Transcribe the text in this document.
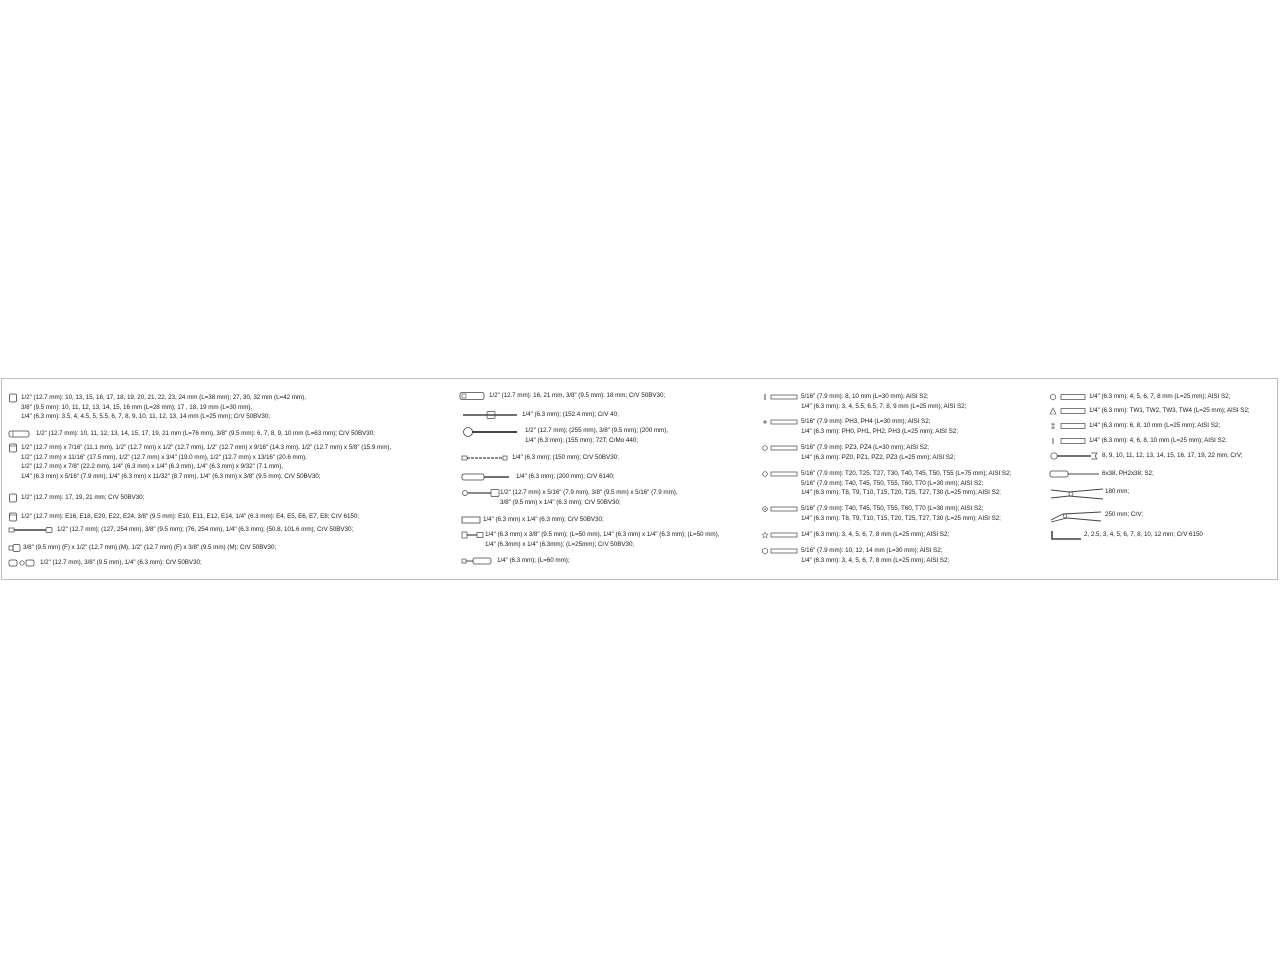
1/2" (12.7 mm): 10, 13, 15, 16, 17, 18, 19, 20, 21, 22, 23, 24 mm (L=38 mm); 27, 30, 32 mm (L=42 mm),
3/8" (9.5 mm): 10, 11, 12, 13, 14, 15, 16 mm (L=28 mm); 17 , 18, 19 mm (L=30 mm),
1/4" (6.3 mm): 3.5, 4, 4.5, 5, 5.5, 6, 7, 8, 9, 10, 11, 12, 13, 14 mm (L=25 mm); CrV 50BV30;
1/2" (12.7 mm): 10, 11, 12, 13, 14, 15, 17, 19, 21 mm (L=76 mm), 3/8" (9.5 mm): 6, 7, 8, 9, 10 mm (L=63 mm); CrV 50BV30;
1/2" (12.7 mm) x 7/16" (11.1 mm), 1/2" (12.7 mm) x 1/2" (12.7 mm), 1/2" (12.7 mm) x 9/16" (14.3 mm), 1/2" (12.7 mm) x 5/8" (15.9 mm),
1/2" (12.7 mm) x 11/16" (17.5 mm), 1/2" (12.7 mm) x 3/4" (19.0 mm), 1/2" (12.7 mm) x 13/16" (20.6 mm),
1/2" (12.7 mm) x 7/8" (22.2 mm), 1/4" (6.3 mm) x 1/4" (6.3 mm), 1/4" (6.3 mm) x 9/32" (7.1 mm),
1/4" (6.3 mm) x 5/16" (7.9 mm), 1/4" (6.3 mm) x 11/32" (8.7 mm), 1/4" (6.3 mm) x 3/8" (9.5 mm); CrV 50BV30;
1/2" (12.7 mm): 17, 19, 21 mm; CrV 50BV30;
1/2" (12.7 mm): E16, E18, E20, E22, E24, 3/8" (9.5 mm): E10, E11, E12, E14, 1/4" (6.3 mm): E4, E5, E6, E7, E8; CrV 6150;
1/2" (12.7 mm); (127, 254 mm), 3/8" (9.5 mm); (76, 254 mm), 1/4" (6.3 mm); (50.8, 101.6 mm); CrV 50BV30;
3/8" (9.5 mm) (F) x 1/2" (12.7 mm) (M), 1/2" (12.7 mm) (F) x 3/8" (9.5 mm) (M); CrV 50BV30;
1/2" (12.7 mm), 3/8" (9.5 mm), 1/4" (6.3 mm); CrV 50BV30;
1/2" (12.7 mm): 16, 21 mm, 3/8" (9.5 mm): 18 mm; CrV 50BV30;
1/4" (6.3 mm); (152.4 mm); CrV 40;
1/2" (12.7 mm); (255 mm), 3/8" (9.5 mm); (200 mm),
1/4" (6.3 mm); (155 mm); 72T; CrMo 440;
1/4" (6.3 mm); (150 mm); CrV 50BV30;
1/4" (6.3 mm); (200 mm); CrV 6140;
1/2" (12.7 mm) x 5/16" (7.9 mm), 3/8" (9.5 mm) x 5/16" (7.9 mm),
3/8" (9.5 mm) x 1/4" (6.3 mm); CrV 50BV30;
1/4" (6.3 mm) x 1/4" (6.3 mm); CrV 50BV30;
1/4" (6.3 mm) x 3/8" (9.5 mm); (L=50 mm), 1/4" (6.3 mm) x 1/4" (6.3 mm); (L=50 mm),
1/4" (6.3mm) x 1/4" (6.3mm); (L=25mm); CrV 50BV30;
1/4" (6.3 mm); (L=60 mm);
5/16" (7.9 mm): 8, 10 mm (L=30 mm); AISI S2;
1/4" (6.3 mm): 3, 4, 5.5, 6.5, 7, 8, 9 mm (L=25 mm); AISI S2;
5/16" (7.9 mm): PH3, PH4 (L=30 mm); AISI S2;
1/4" (6.3 mm): PH0, PH1, PH2, PH3 (L=25 mm); AISI S2;
5/16" (7.9 mm): PZ3, PZ4 (L=30 mm); AISI S2;
1/4" (6.3 mm): PZ0, PZ1, PZ2, PZ3 (L=25 mm); AISI S2;
5/16" (7.9 mm): T20, T25, T27, T30, T40, T45, T50, T55 (L=75 mm); AISI S2;
5/16" (7.9 mm): T40, T45, T50, T55, T60, T70 (L=30 mm); AISI S2;
1/4" (6.3 mm): T8, T9, T10, T15, T20, T25, T27, T30 (L=25 mm); AISI S2;
5/16" (7.9 mm): T40, T45, T50, T55, T60, T70 (L=30 mm); AISI S2;
1/4" (6.3 mm): T8, T9, T10, T15, T20, T25, T27, T30 (L=25 mm); AISI S2;
1/4" (6.3 mm): 3, 4, 5, 6, 7, 8 mm (L=25 mm); AISI S2;
5/16" (7.9 mm): 10, 12, 14 mm (L=30 mm); AISI S2;
1/4" (6.3 mm): 3, 4, 5, 6, 7, 8 mm (L=25 mm); AISI S2;
1/4" (6.3 mm): 4, 5, 6, 7, 8 mm (L=25 mm); AISI S2;
1/4" (6.3 mm): TW1, TW2, TW3, TW4 (L=25 mm); AISI S2;
1/4" (6.3 mm): 6, 8, 10 mm (L=25 mm); AISI S2;
1/4" (6.3 mm): 4, 6, 8, 10 mm (L=25 mm); AISI S2;
8, 9, 10, 11, 12, 13, 14, 15, 16, 17, 19, 22 mm; CrV;
6x38, PH2x38; S2;
180 mm;
250 mm; CrV;
2, 2.5, 3, 4, 5, 6, 7, 8, 10, 12 mm; CrV 6150
